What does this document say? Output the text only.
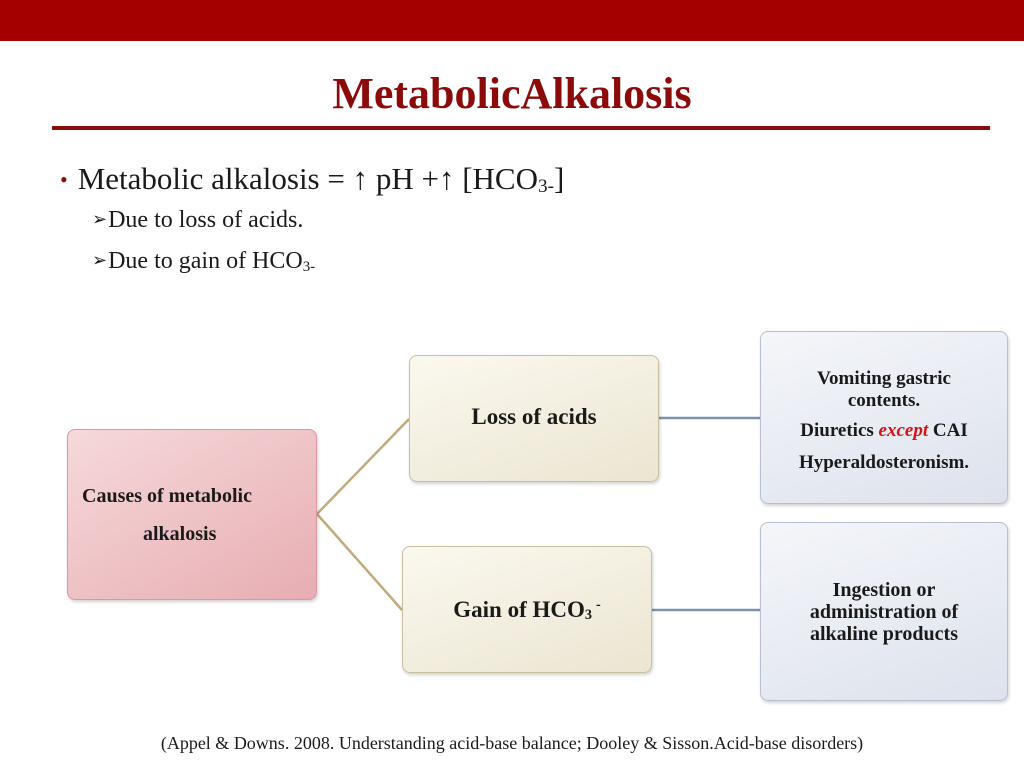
MetabolicAlkalosis
• Metabolic alkalosis = ↑ pH +↑ $[HCO_{3-}]$
➢Due to loss of acids.
➢Due to gain of $HCO_{3-}$
Causes of metabolic
alkalosis
Loss of acids
Gain of $HCO_3^-$
Vomiting gastric contents.
Diuretics except CAI
Hyperaldosteronism.
Ingestion or
administration of
alkaline products
(Appel & Downs. 2008. Understanding acid-base balance; Dooley & Sisson.Acid-base disorders)
